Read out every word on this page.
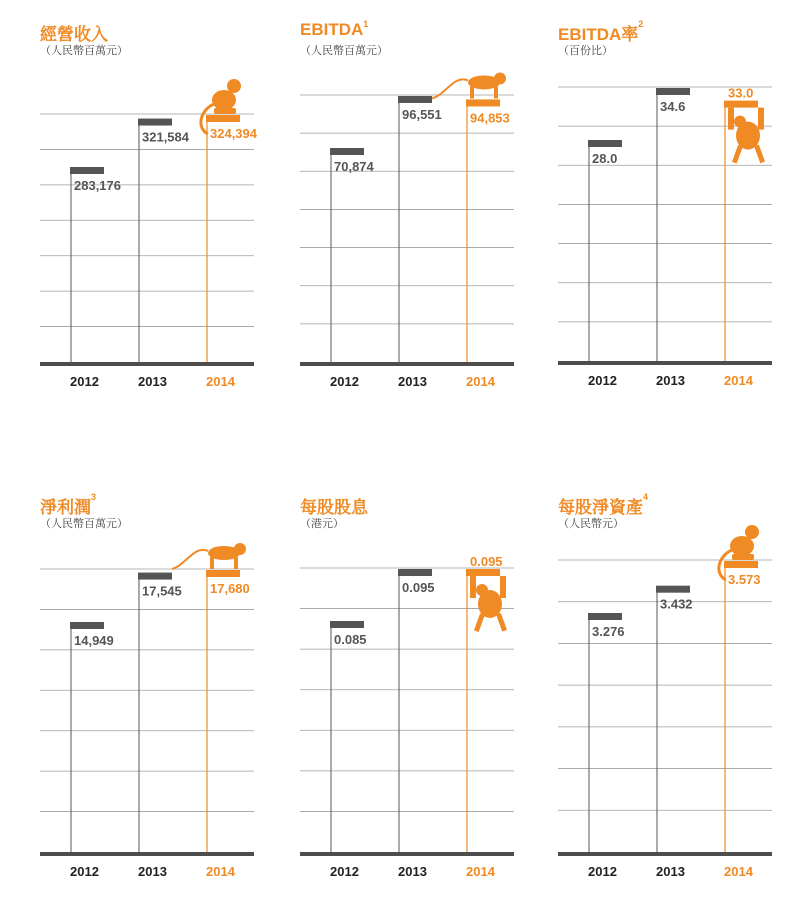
經營收入
（人民幣百萬元）
283,176
2012
321,584
2013
324,394
2014
EBITDA$^1$
（人民幣百萬元）
70,874
2012
96,551
2013
94,853
2014
EBITDA率$^2$
（百份比）
28.0
2012
34.6
2013
33.0
2014
淨利潤$^3$
（人民幣百萬元）
14,949
2012
17,545
2013
17,680
2014
每股股息
（港元）
0.085
2012
0.095
2013
0.095
2014
每股淨資產$^4$
（人民幣元）
3.276
2012
3.432
2013
3.573
2014
